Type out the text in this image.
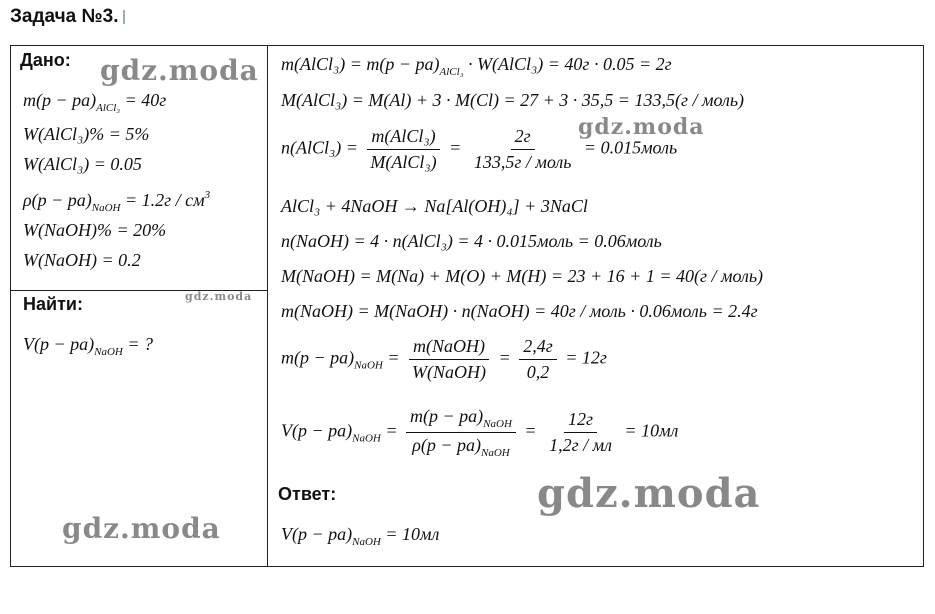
Задача №3.
Дано:
$m(p - pa)_{AlCl_3} = 40г$
W(AlCl₃)% = 5%
W(AlCl₃) = 0.05
$\rho(p - pa)_{NaOH} = 1.2г / см^3$
W(NaOH)% = 20%
W(NaOH) = 0.2
Найти:
$V(p - pa)_{NaOH}$ = ?
m(AlCl₃) = $m(p - pa)_{AlCl_3}$ · W(AlCl₃) = 40г · 0.05 = 2г
M(AlCl₃) = M(Al) + 3 · M(Cl) = 27 + 3 · 35,5 = 133,5(г / моль)
n(AlCl₃) = $\frac{\text{m(AlCl₃)}}{\text{M(AlCl₃)}} = \frac{2г}{\text{133,5г / моль}}$ = 0.015моль
AlCl₃ + 4NaOH → Na[Al(OH)₄] + 3NaCl
n(NaOH) = 4 · n(AlCl₃) = 4 · 0.015моль = 0.06моль
M(NaOH) = M(Na) + M(O) + M(H) = 23 + 16 + 1 = 40(г / моль)
m(NaOH) = M(NaOH) · n(NaOH) = 40г / моль · 0.06моль = 2.4г
$m(p - pa)_{NaOH} = \frac{\text{m(NaOH)}}{\text{W(NaOH)}} = \frac{2,4г}{0,2} = 12г$
$V(p - pa)_{NaOH} = \frac{m(p - pa)_{NaOH}}{\rho(p - pa)_{NaOH}} = \frac{12г}{1,2г / мл} = 10мл$
Ответ:
$V(p - pa)_{NaOH} = 10мл$
gdz.moda
gdz.moda
gdz.moda
gdz.moda
gdz.moda
